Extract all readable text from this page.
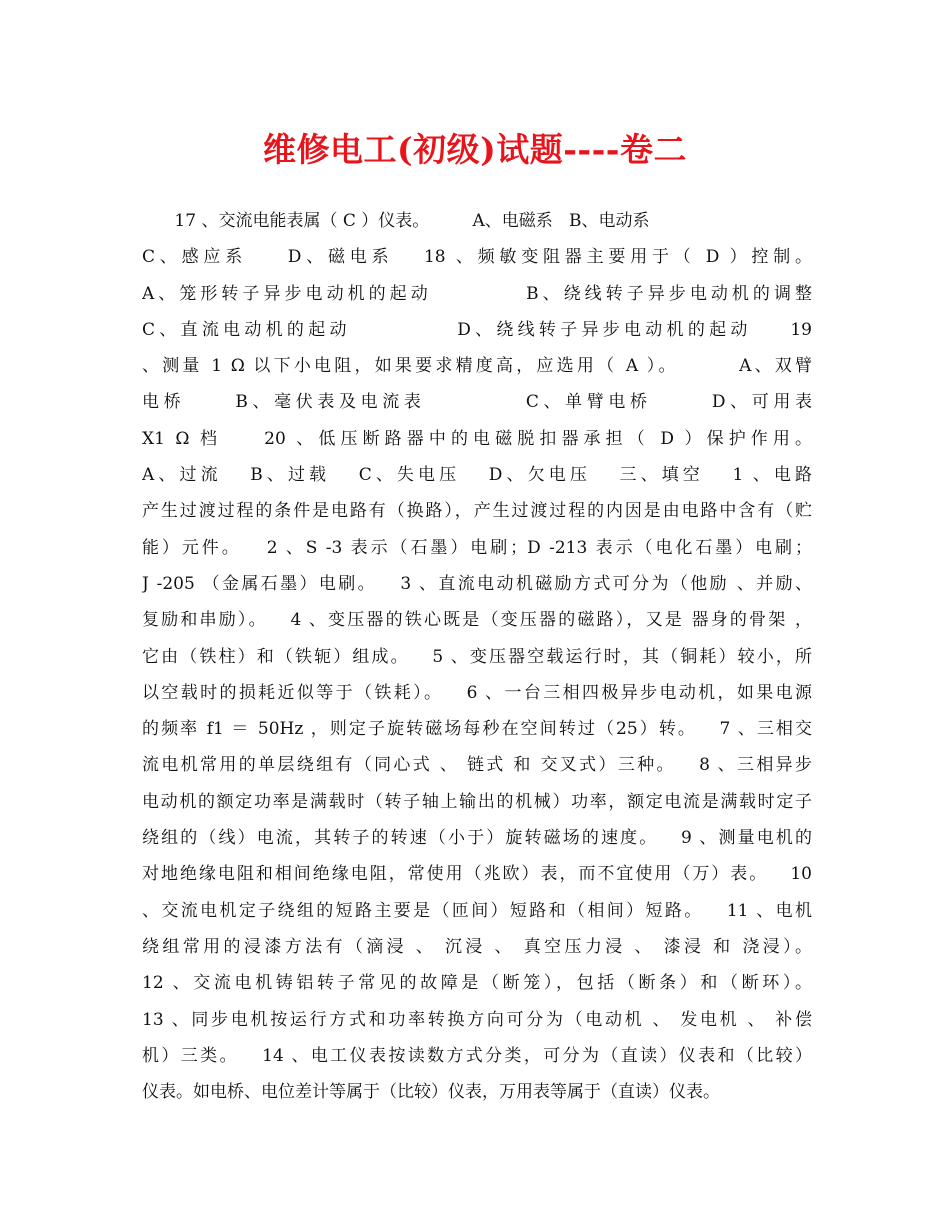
维修电工(初级)试题----卷二
17 、交流电能表属（ C ）仪表。        A、电磁系   B、电动系
C、感应系    D、磁电系   18 、频敏变阻器主要用于（ D ）控制。
A、笼形转子异步电动机的起动          B、绕线转子异步电动机的调整
C、直流电动机的起动           D、绕线转子异步电动机的起动    19
、测量 1 Ω 以下小电阻，如果要求精度高，应选用（ A ）。       A、双臂
电桥     B、毫伏表及电流表          C、单臂电桥      D、可用表
X1 Ω 档    20 、低压断路器中的电磁脱扣器承担（ D ）保护作用。
A、过流   B、过载   C、失电压   D、欠电压   三、填空   1 、电路
产生过渡过程的条件是电路有（换路），产生过渡过程的内因是由电路中含有（贮
能）元件。   2 、S -3 表示（石墨）电刷；D -213 表示（电化石墨）电刷；
J -205 （金属石墨）电刷。   3 、直流电动机磁励方式可分为（他励 、并励、
复励和串励）。   4 、变压器的铁心既是（变压器的磁路），又是 器身的骨架 ，
它由（铁柱）和（铁轭）组成。   5 、变压器空载运行时，其（铜耗）较小，所
以空载时的损耗近似等于（铁耗）。   6 、一台三相四极异步电动机，如果电源
的频率 f1 ＝ 50Hz ，则定子旋转磁场每秒在空间转过（25）转。   7 、三相交
流电机常用的单层绕组有（同心式 、 链式 和 交叉式）三种。   8 、三相异步
电动机的额定功率是满载时（转子轴上输出的机械）功率，额定电流是满载时定子
绕组的（线）电流，其转子的转速（小于）旋转磁场的速度。   9 、测量电机的
对地绝缘电阻和相间绝缘电阻，常使用（兆欧）表，而不宜使用（万）表。   10
、交流电机定子绕组的短路主要是（匝间）短路和（相间）短路。   11 、电机
绕组常用的浸漆方法有（滴浸 、 沉浸 、 真空压力浸 、 漆浸 和 浇浸）。
12 、交流电机铸铝转子常见的故障是（断笼），包括（断条）和（断环）。
13 、同步电机按运行方式和功率转换方向可分为（电动机 、 发电机 、 补偿
机）三类。   14 、电工仪表按读数方式分类，可分为（直读）仪表和（比较）
仪表。如电桥、电位差计等属于（比较）仪表，万用表等属于（直读）仪表。
